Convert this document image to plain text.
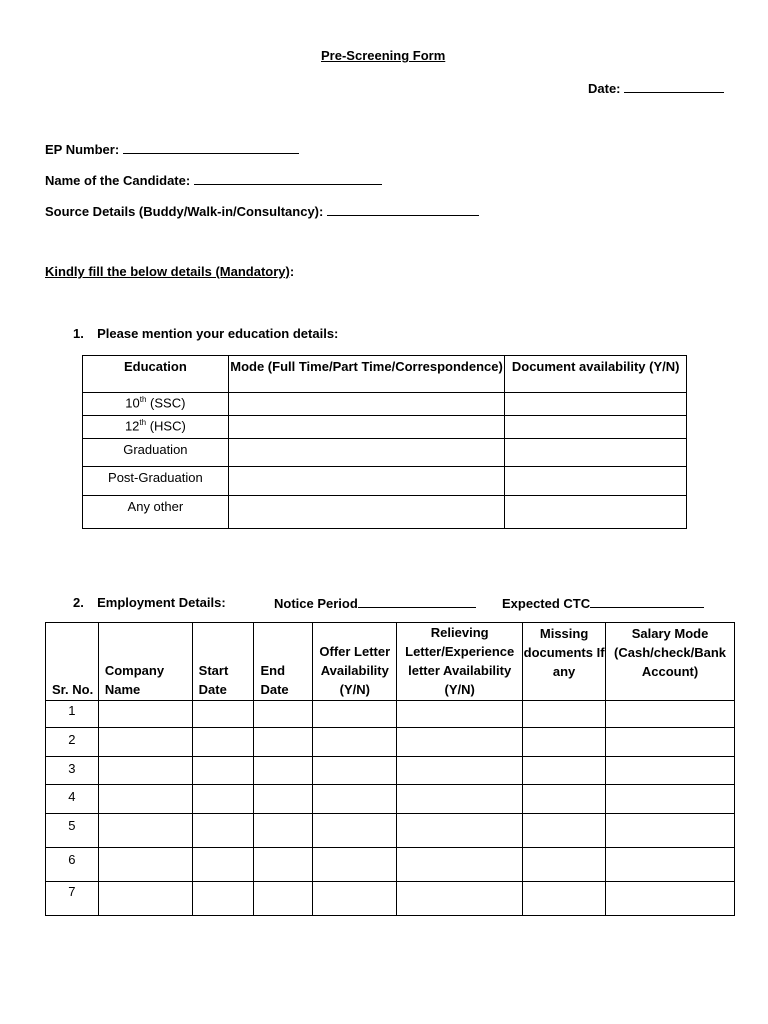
Pre-Screening Form
Date:
EP Number:
Name of the Candidate:
Source Details (Buddy/Walk-in/Consultancy):
Kindly fill the below details (Mandatory):
1. Please mention your education details:
Education	Mode (Full Time/Part Time/Correspondence)	Document availability (Y/N)
10th (SSC)		
12th (HSC)		
Graduation		
Post-Graduation		
Any other		
2. Employment Details:	Notice Period	Expected CTC
Sr. No.	Company Name	Start Date	End Date	Offer Letter Availability (Y/N)	Relieving Letter/Experience letter Availability (Y/N)	Missing documents If any	Salary Mode (Cash/check/Bank Account)
1							
2							
3							
4							
5							
6							
7							
